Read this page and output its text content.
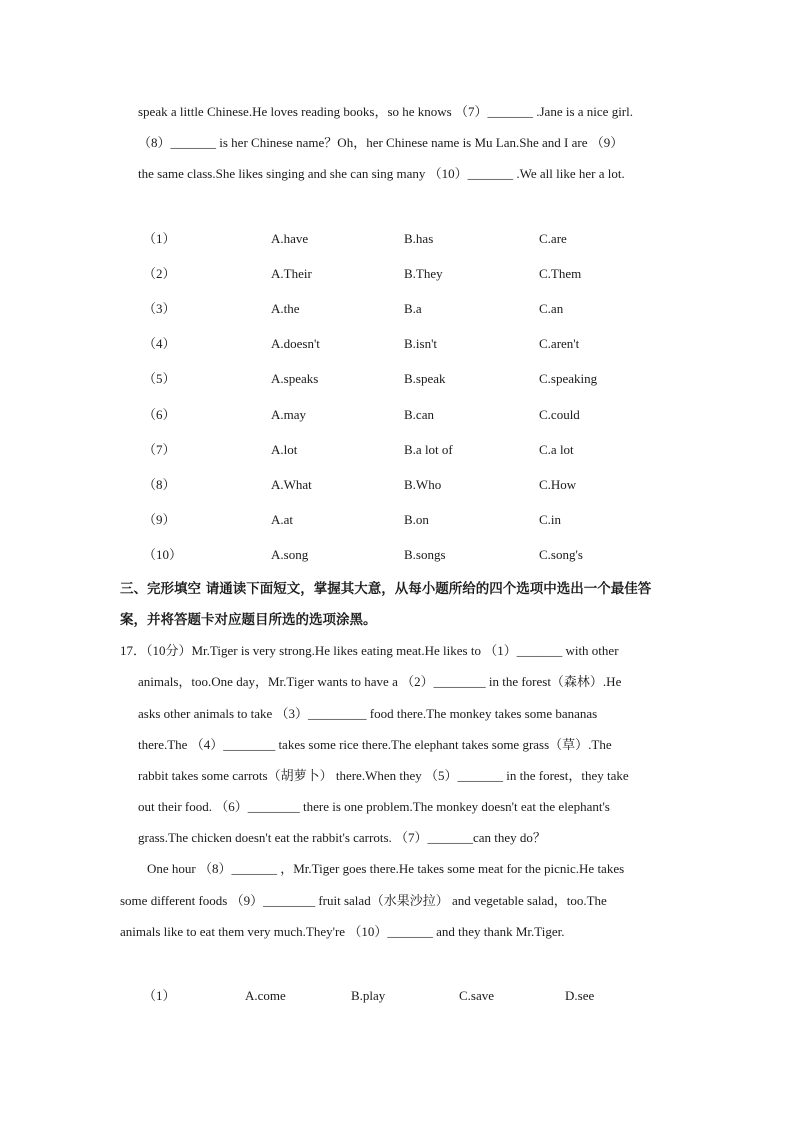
speak a little Chinese.He loves reading books，so he knows （7）_______ .Jane is a nice girl.
（8）_______ is her Chinese name？Oh，her Chinese name is Mu Lan.She and I are （9）
the same class.She likes singing and she can sing many （10）_______ .We all like her a lot.
（1）	A.have	B.has	C.are
（2）	A.Their	B.They	C.Them
（3）	A.the	B.a	C.an
（4）	A.doesn't	B.isn't	C.aren't
（5）	A.speaks	B.speak	C.speaking
（6）	A.may	B.can	C.could
（7）	A.lot	B.a lot of	C.a lot
（8）	A.What	B.Who	C.How
（9）	A.at	B.on	C.in
（10）	A.song	B.songs	C.song's
三、完形填空 请通读下面短文，掌握其大意，从每小题所给的四个选项中选出一个最佳答
案，并将答题卡对应题目所选的选项涂黑。
17．（10分）Mr.Tiger is very strong.He likes eating meat.He likes to （1）_______ with other
animals，too.One day，Mr.Tiger wants to have a （2）________ in the forest（森林）.He
asks other animals to take （3）_________ food there.The monkey takes some bananas
there.The （4）________ takes some rice there.The elephant takes some grass（草）.The
rabbit takes some carrots（胡萝卜） there.When they （5）_______ in the forest，they take
out their food. （6）________ there is one problem.The monkey doesn't eat the elephant's
grass.The chicken doesn't eat the rabbit's carrots. （7）_______can they do？
One hour （8）_______ ，Mr.Tiger goes there.He takes some meat for the picnic.He takes
some different foods （9）________ fruit salad（水果沙拉） and vegetable salad，too.The
animals like to eat them very much.They're （10）_______ and they thank Mr.Tiger.
（1）	A.come	B.play	C.save	D.see
